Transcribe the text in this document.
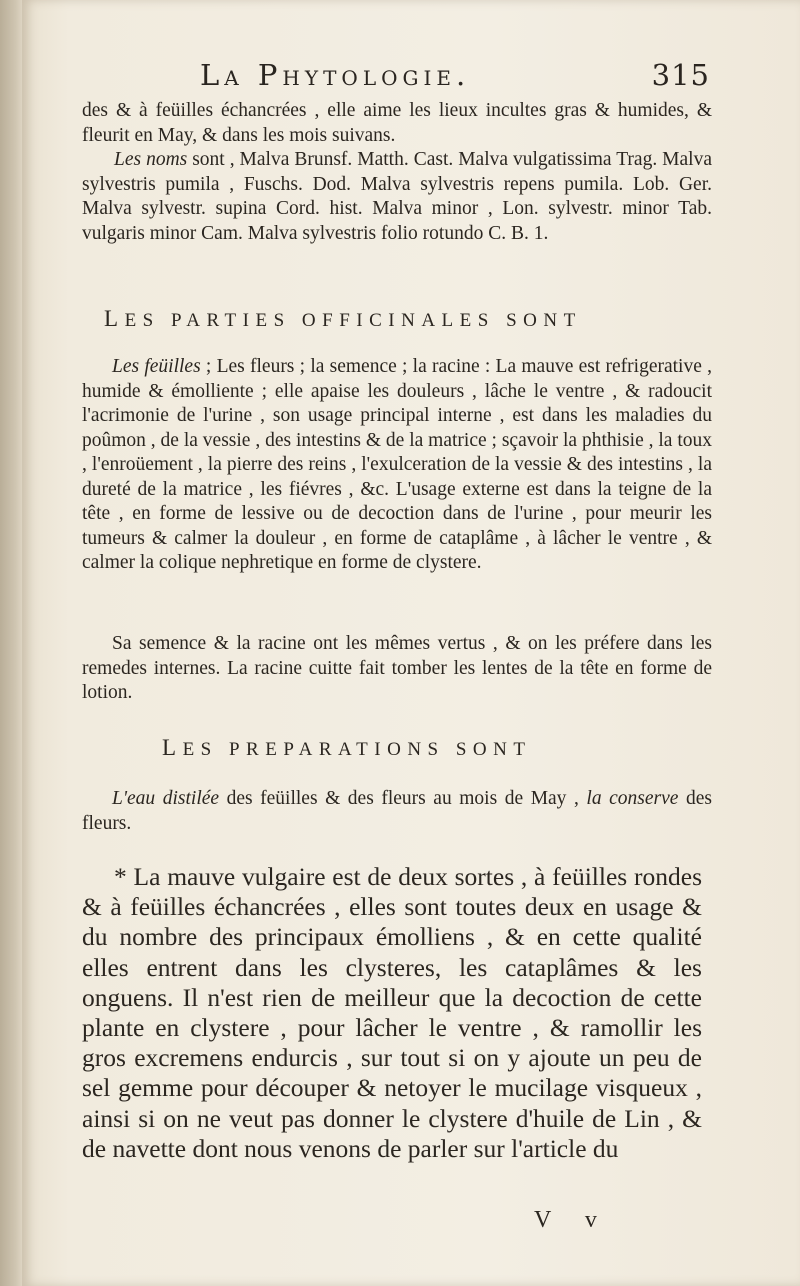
La Phytologie.	315
des & à feüilles échancrées , elle aime les lieux incultes gras & humides, & fleurit en May, & dans les mois suivans.
Les noms sont , Malva Brunsf. Matth. Cast. Malva vulgatissima Trag. Malva sylvestris pumila , Fuschs. Dod. Malva sylvestris repens pumila. Lob. Ger. Malva sylvestr. supina Cord. hist. Malva minor , Lon. sylvestr. minor Tab. vulgaris minor Cam. Malva sylvestris folio rotundo C. B. 1.
LES PARTIES OFFICINALES SONT
Les feüilles ; Les fleurs ; la semence ; la racine : La mauve est refrigerative , humide & émolliente ; elle apaise les douleurs , lâche le ventre , & radoucit l'acrimonie de l'urine , son usage principal interne , est dans les maladies du poûmon , de la vessie , des intestins & de la matrice ; sçavoir la phthisie , la toux , l'enroüement , la pierre des reins , l'exulceration de la vessie & des intestins , la dureté de la matrice , les fiévres , &c. L'usage externe est dans la teigne de la tête , en forme de lessive ou de decoction dans de l'urine , pour meurir les tumeurs & calmer la douleur , en forme de cataplâme , à lâcher le ventre , & calmer la colique nephretique en forme de clystere.
Sa semence & la racine ont les mêmes vertus , & on les préfere dans les remedes internes. La racine cuitte fait tomber les lentes de la tête en forme de lotion.
LES PREPARATIONS SONT
L'eau distilée des feüilles & des fleurs au mois de May , la conserve des fleurs.
* La mauve vulgaire est de deux sortes , à feüilles rondes & à feüilles échancrées , elles sont toutes deux en usage & du nombre des principaux émolliens , & en cette qualité elles entrent dans les clysteres, les cataplâmes & les onguens. Il n'est rien de meilleur que la decoction de cette plante en clystere , pour lâcher le ventre , & ramollir les gros excremens endurcis , sur tout si on y ajoute un peu de sel gemme pour découper & netoyer le mucilage visqueux , ainsi si on ne veut pas donner le clystere d'huile de Lin , & de navette dont nous venons de parler sur l'article du
V v
